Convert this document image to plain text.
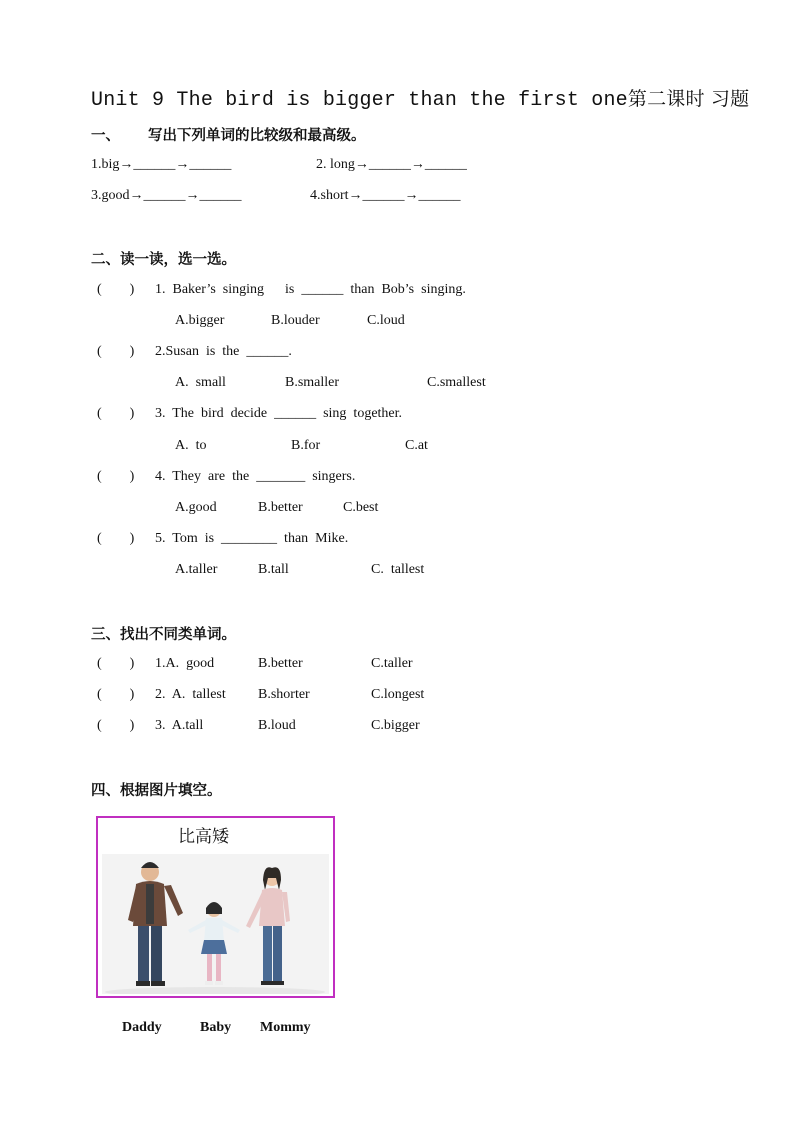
Unit 9 The bird is bigger than the first one第二课时 习题
一、 写出下列单词的比较级和最高级。
1.big→______→______	2. long→______→______
3.good→______→______	4.short→______→______
二、读一读，选一选。
(        ) 1.  Baker’s  singing      is  ______  than  Bob’s  singing.
A.bigger	B.louder	C.loud
(        ) 2.Susan  is  the  ______.
A.  small	B.smaller	C.smallest
(        ) 3.  The  bird  decide  ______  sing  together.
A.  to	B.for	C.at
(        ) 4.  They  are  the  _______  singers.
A.good	B.better	C.best
(        ) 5.  Tom  is  ________  than  Mike.
A.taller	B.tall	C.  tallest
三、找出不同类单词。
(        ) 1.A.  good	B.better	C.taller
(        ) 2.  A.  tallest B.shorter	C.longest
(        ) 3.  A.tall	B.loud	C.bigger
四、根据图片填空。
比高矮
Daddy	Baby Mommy
